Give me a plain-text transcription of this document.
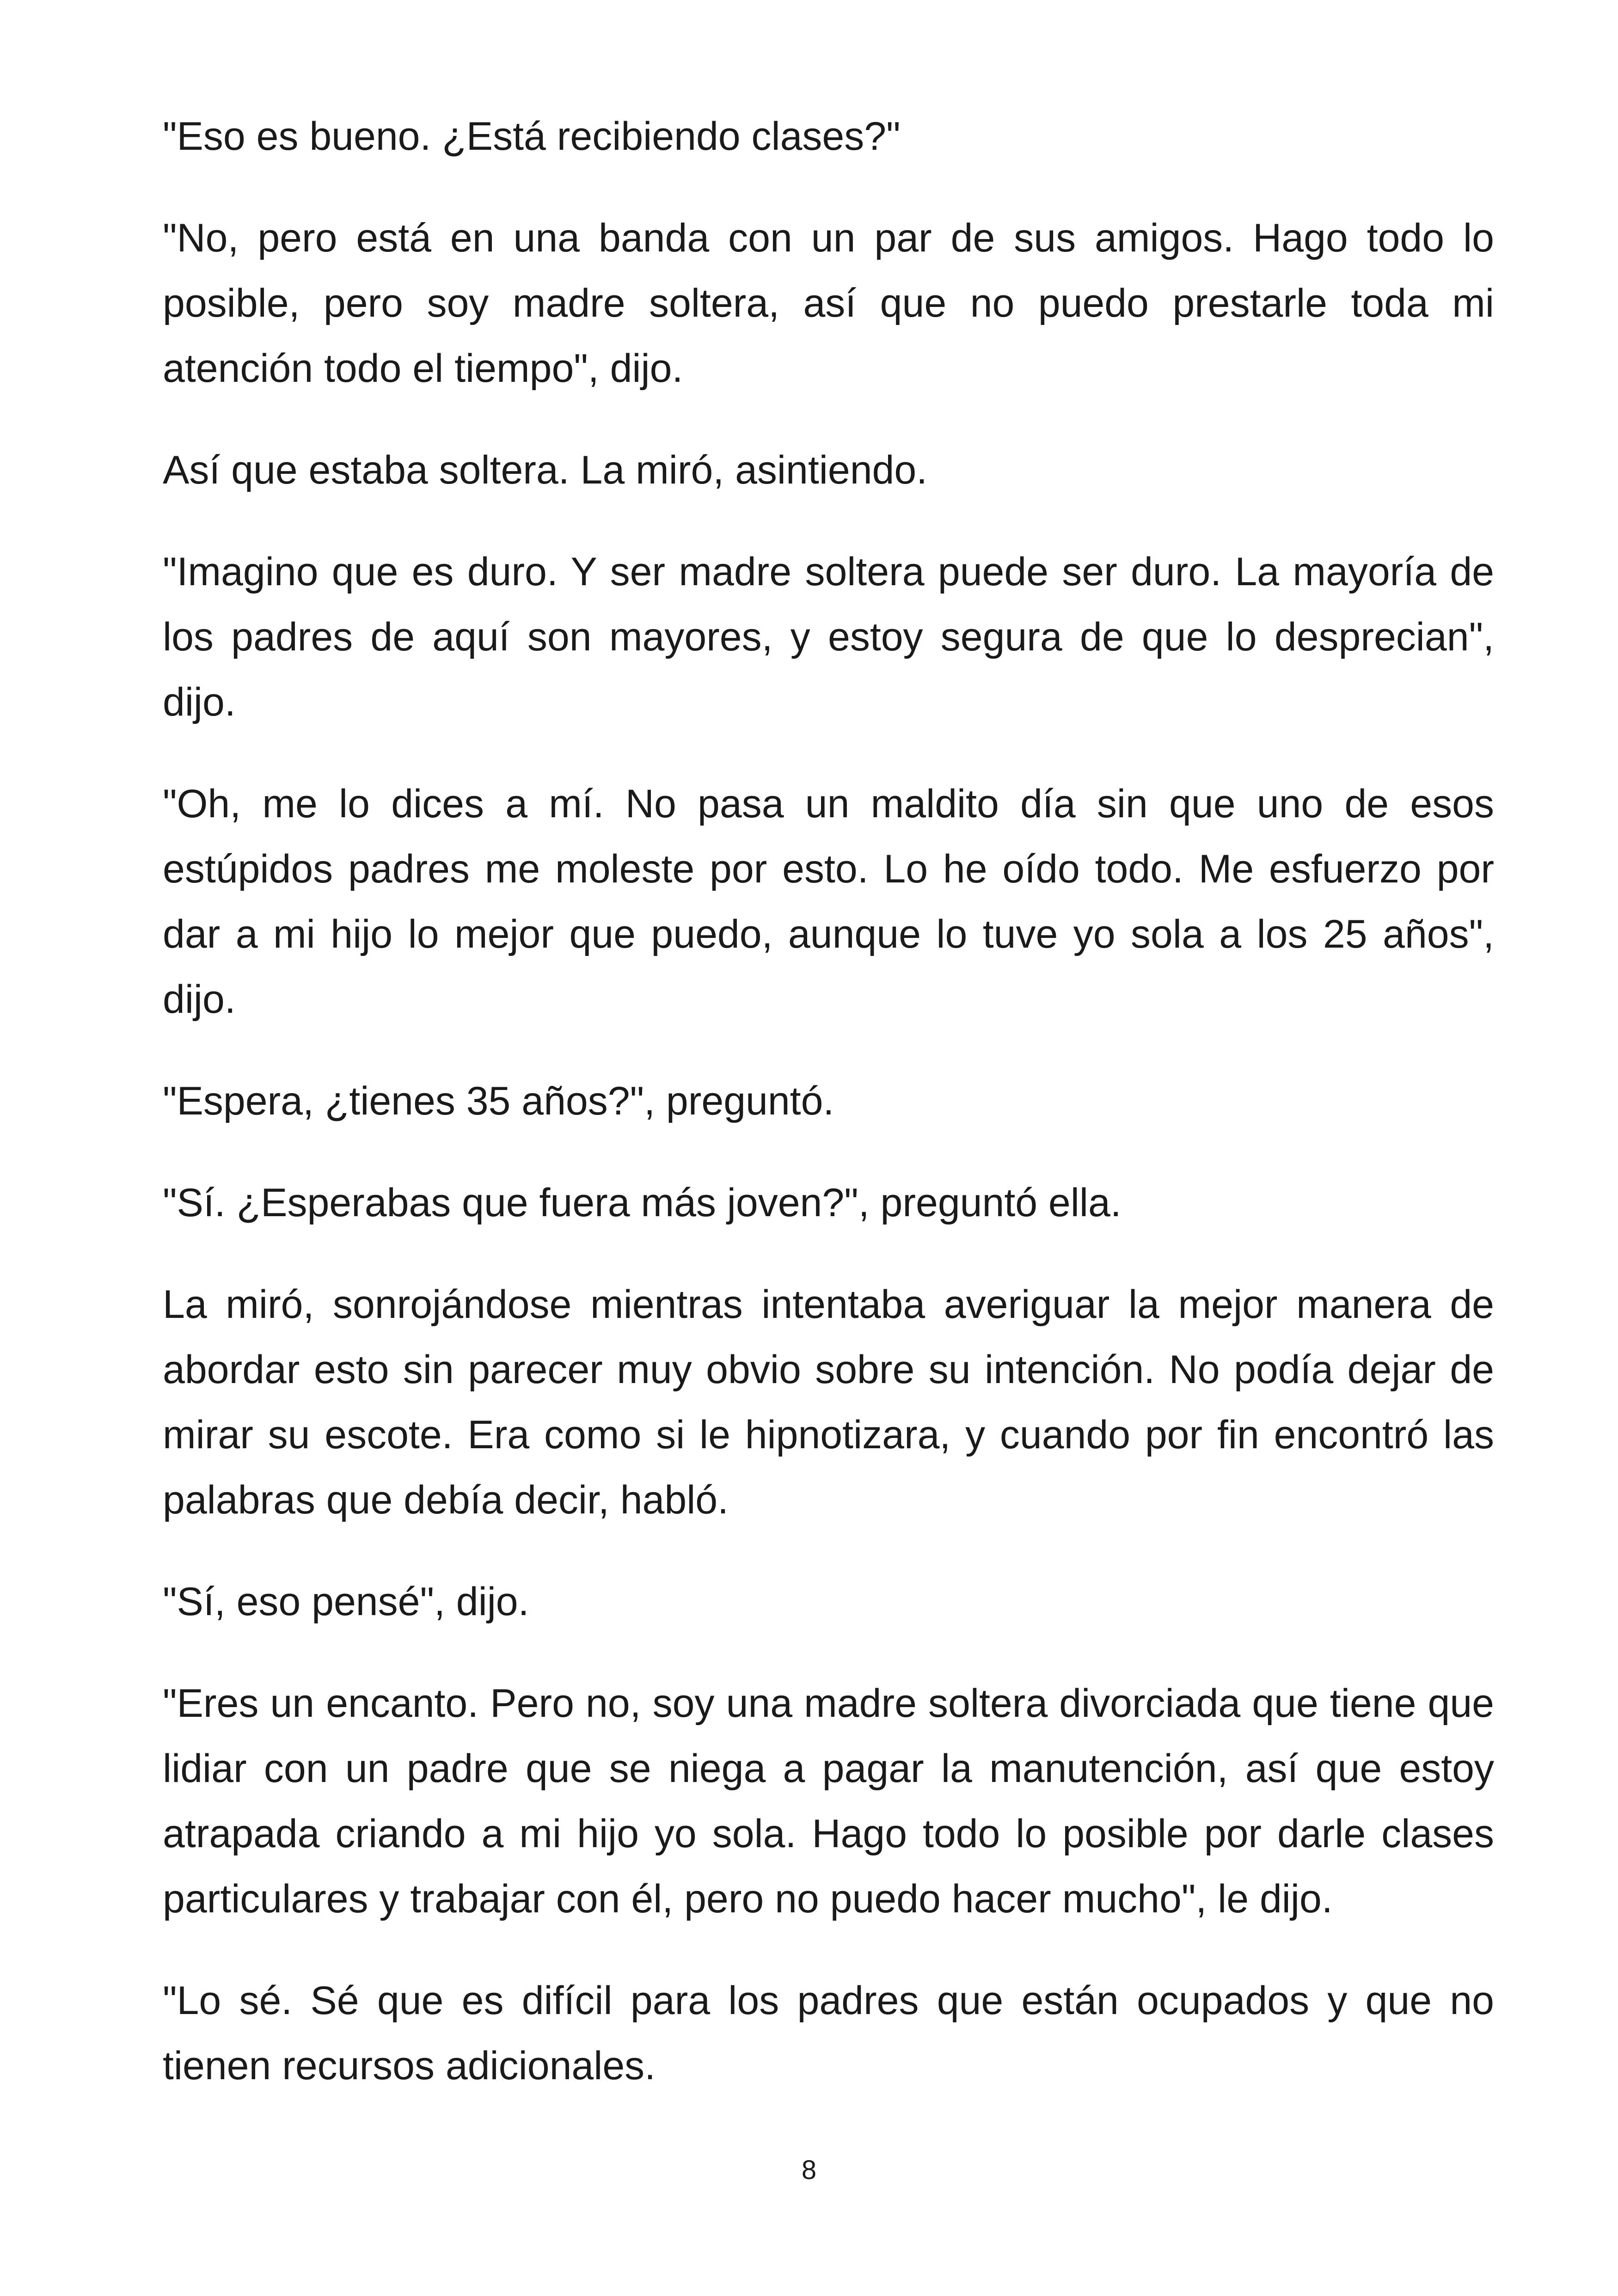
"Eso es bueno. ¿Está recibiendo clases?"

"No, pero está en una banda con un par de sus amigos. Hago todo lo posible, pero soy madre soltera, así que no puedo prestarle toda mi atención todo el tiempo", dijo.

Así que estaba soltera. La miró, asintiendo.

"Imagino que es duro. Y ser madre soltera puede ser duro. La mayoría de los padres de aquí son mayores, y estoy segura de que lo desprecian", dijo.

"Oh, me lo dices a mí. No pasa un maldito día sin que uno de esos estúpidos padres me moleste por esto. Lo he oído todo. Me esfuerzo por dar a mi hijo lo mejor que puedo, aunque lo tuve yo sola a los 25 años", dijo.

"Espera, ¿tienes 35 años?", preguntó.

"Sí. ¿Esperabas que fuera más joven?", preguntó ella.

La miró, sonrojándose mientras intentaba averiguar la mejor manera de abordar esto sin parecer muy obvio sobre su intención. No podía dejar de mirar su escote. Era como si le hipnotizara, y cuando por fin encontró las palabras que debía decir, habló.

"Sí, eso pensé", dijo.

"Eres un encanto. Pero no, soy una madre soltera divorciada que tiene que lidiar con un padre que se niega a pagar la manutención, así que estoy atrapada criando a mi hijo yo sola. Hago todo lo posible por darle clases particulares y trabajar con él, pero no puedo hacer mucho", le dijo.

"Lo sé. Sé que es difícil para los padres que están ocupados y que no tienen recursos adicionales.

8
